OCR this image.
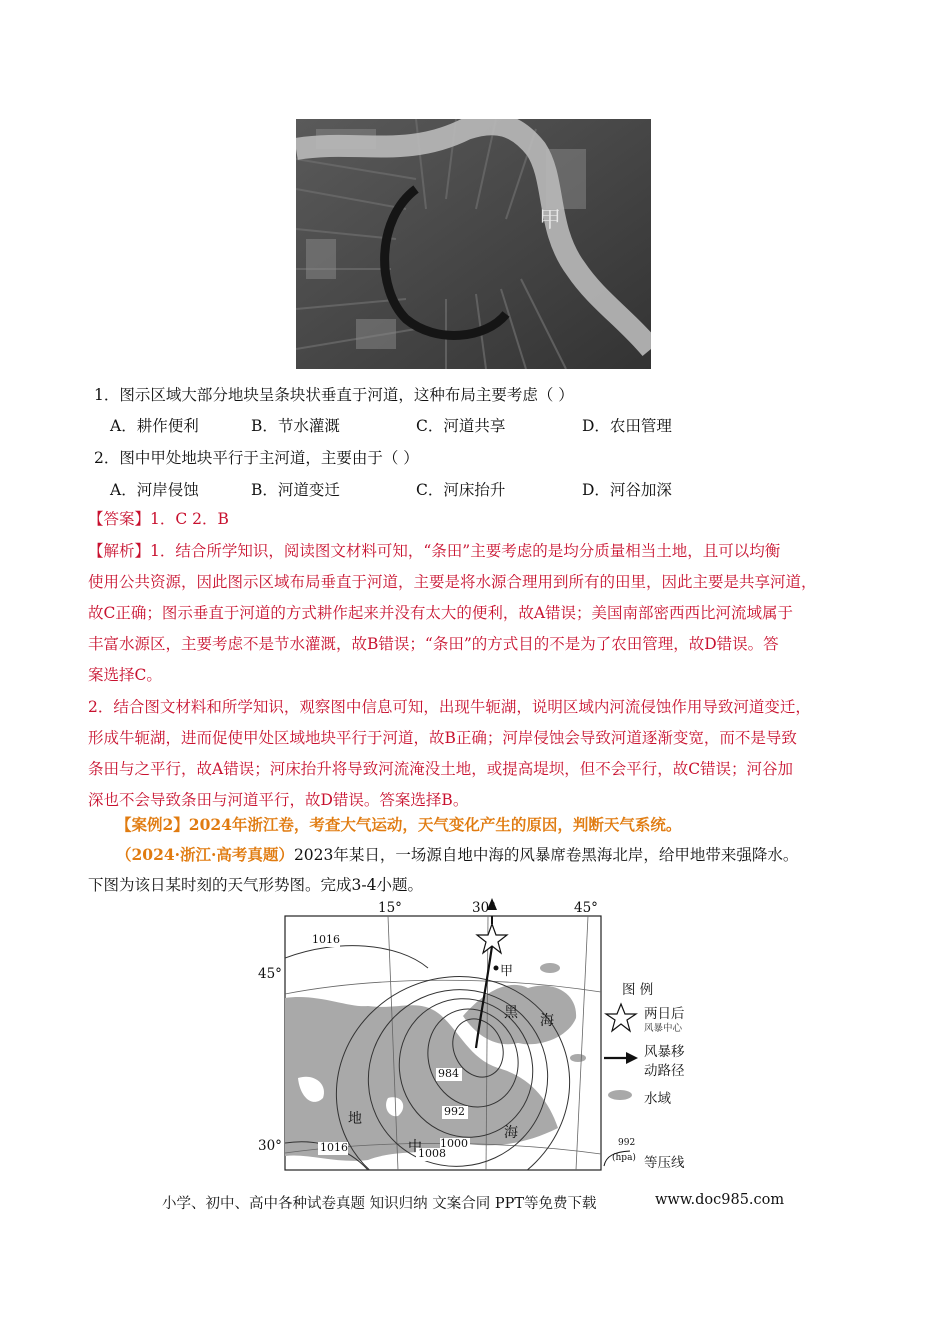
甲
1．图示区域大部分地块呈条块状垂直于河道，这种布局主要考虑（ ）
A．耕作便利	B．节水灌溉	C．河道共享	D．农田管理
2．图中甲处地块平行于主河道，主要由于（ ）
A．河岸侵蚀	B．河道变迁	C．河床抬升	D．河谷加深
【答案】1．C 2．B
【解析】1．结合所学知识，阅读图文材料可知，“条田”主要考虑的是均分质量相当土地，且可以均衡
使用公共资源，因此图示区域布局垂直于河道，主要是将水源合理用到所有的田里，因此主要是共享河道，
故C正确；图示垂直于河道的方式耕作起来并没有太大的便利，故A错误；美国南部密西西比河流域属于
丰富水源区，主要考虑不是节水灌溉，故B错误；“条田”的方式目的不是为了农田管理，故D错误。答
案选择C。
2．结合图文材料和所学知识，观察图中信息可知，出现牛轭湖，说明区域内河流侵蚀作用导致河道变迁，
形成牛轭湖，进而促使甲处区域地块平行于河道，故B正确；河岸侵蚀会导致河道逐渐变宽，而不是导致
条田与之平行，故A错误；河床抬升将导致河流淹没土地，或提高堤坝，但不会平行，故C错误；河谷加
深也不会导致条田与河道平行，故D错误。答案选择B。
【案例2】2024年浙江卷，考查大气运动，天气变化产生的原因，判断天气系统。
（2024·浙江·高考真题）2023年某日，一场源自地中海的风暴席卷黑海北岸，给甲地带来强降水。
下图为该日某时刻的天气形势图。完成3-4小题。
15°	30°	45°
45°
30°
1016
984
992
1000
1008
1016
甲
黑 海
地
中
海
图 例
两日后
风暴中心
风暴移
动路径
水域
992
(hpa) 等压线
小学、初中、高中各种试卷真题 知识归纳 文案合同 PPT等免费下载	www.doc985.com
